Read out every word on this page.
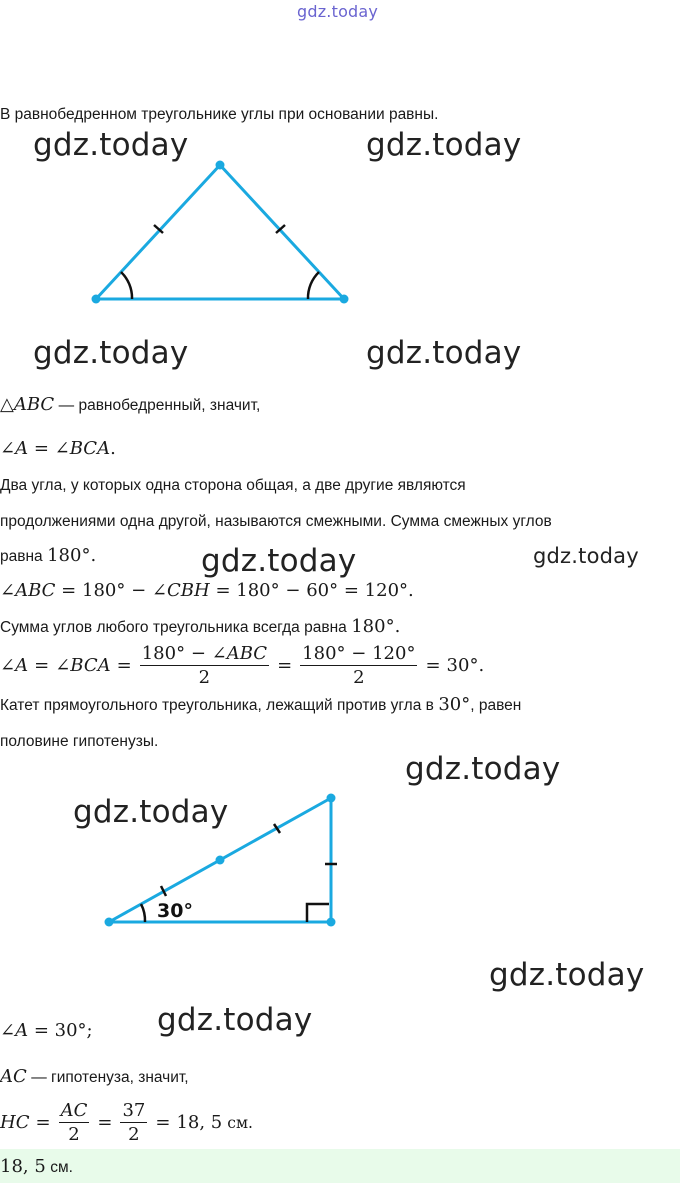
gdz.today
В равнобедренном треугольнике углы при основании равны.
gdz.today	gdz.today
gdz.today	gdz.today
△ABC — равнобедренный, значит,
∠A = ∠BCA.
Два угла, у которых одна сторона общая, а две другие являются
продолжениями одна другой, называются смежными. Сумма смежных углов
равна 180°.	gdz.today	gdz.today
∠ABC = 180° − ∠CBH = 180° − 60° = 120°.
Сумма углов любого треугольника всегда равна 180°.
∠ A = ∠ BCA = $\frac{\text{180° − ∠ABC}}{2} = \frac{180^\circ - 120^\circ}{2} = 30^\circ$.
Катет прямоугольного треугольника, лежащий против угла в 30°, равен
половине гипотенузы.
gdz.today
gdz.today
30°
gdz.today
∠A = 30°; gdz.today
AC — гипотенуза, значит,
HC = $\frac{AC}{2} = \frac{37}{2} = 18$, 5 см.
18, 5 см.
